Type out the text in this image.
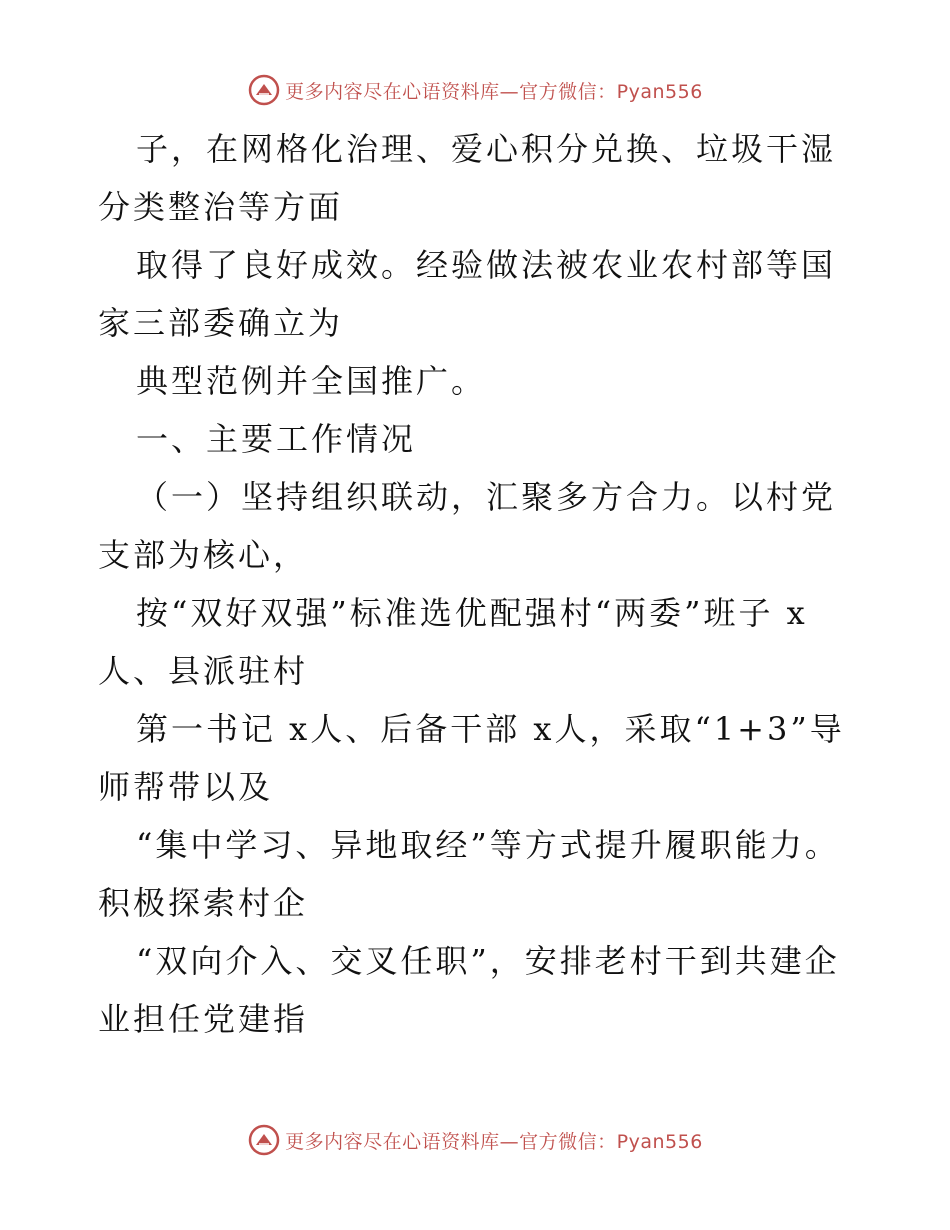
更多内容尽在心语资料库—官方微信：Pyan556

子，在网格化治理、爱心积分兑换、垃圾干湿分类整治等方面

取得了良好成效。经验做法被农业农村部等国家三部委确立为

典型范例并全国推广。

一、主要工作情况

（一）坚持组织联动，汇聚多方合力。以村党支部为核心，

按“双好双强”标准选优配强村“两委”班子 x 人、县派驻村

第一书记 x人、后备干部 x人，采取“1+3”导师帮带以及

“集中学习、异地取经”等方式提升履职能力。积极探索村企

“双向介入、交叉任职”，安排老村干到共建企业担任党建指

更多内容尽在心语资料库—官方微信：Pyan556
